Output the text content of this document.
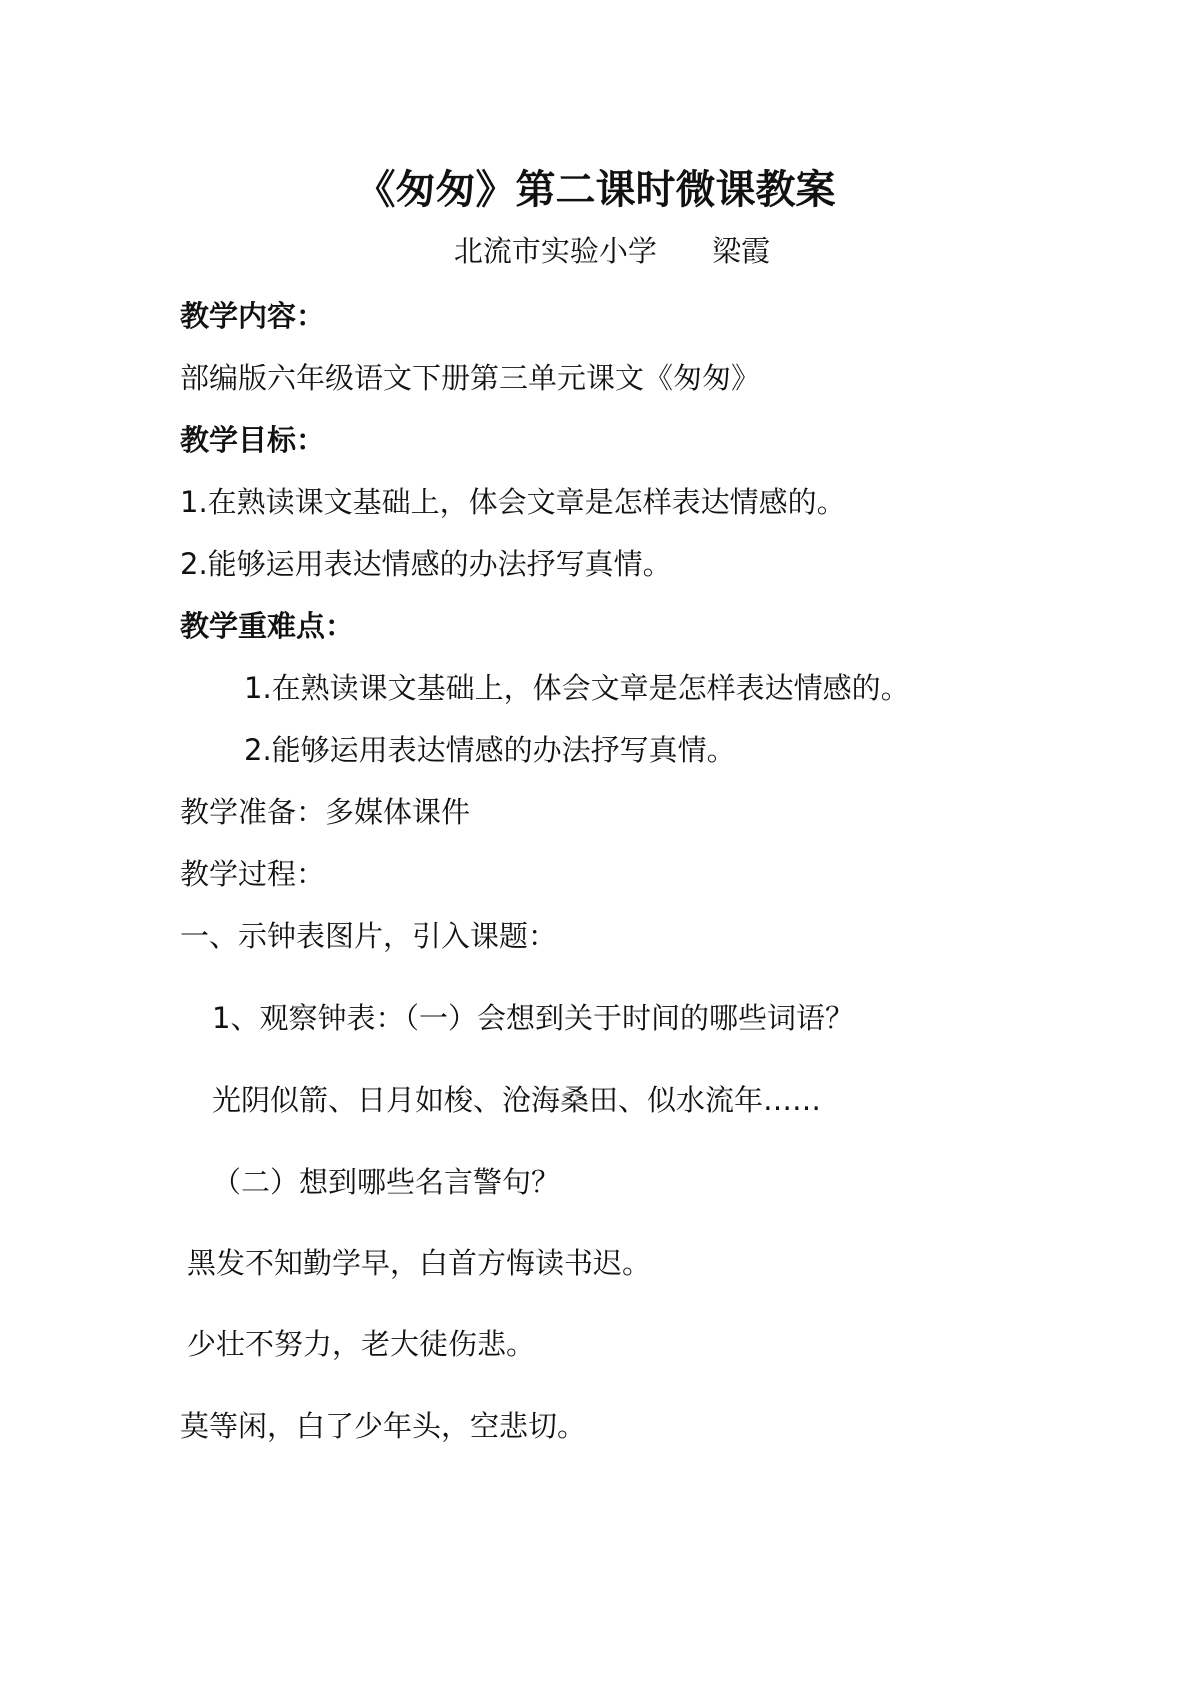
《匆匆》第二课时微课教案
北流市实验小学      梁霞
教学内容：
部编版六年级语文下册第三单元课文《匆匆》
教学目标：
1.在熟读课文基础上，体会文章是怎样表达情感的。
2.能够运用表达情感的办法抒写真情。
教学重难点：
1.在熟读课文基础上，体会文章是怎样表达情感的。
2.能够运用表达情感的办法抒写真情。
教学准备：多媒体课件
教学过程：
一、示钟表图片，引入课题：
1、观察钟表：（一）会想到关于时间的哪些词语？
光阴似箭、日月如梭、沧海桑田、似水流年……
（二）想到哪些名言警句？
黑发不知勤学早，白首方悔读书迟。
少壮不努力，老大徒伤悲。
莫等闲，白了少年头，空悲切。
